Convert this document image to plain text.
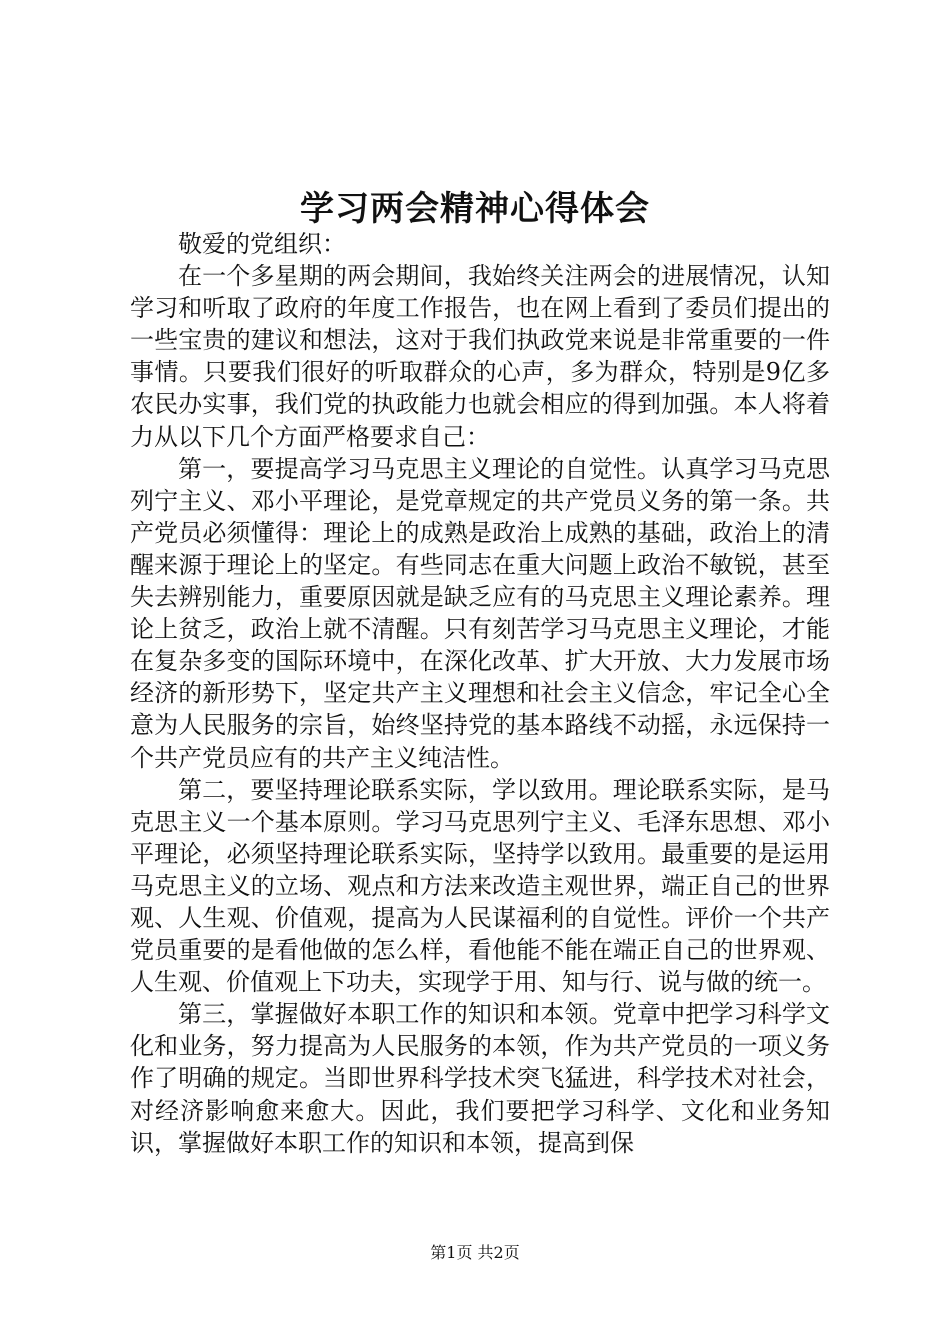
学习两会精神心得体会

敬爱的党组织：

在一个多星期的两会期间，我始终关注两会的进展情况，认知学习和听取了政府的年度工作报告，也在网上看到了委员们提出的一些宝贵的建议和想法，这对于我们执政党来说是非常重要的一件事情。只要我们很好的听取群众的心声，多为群众，特别是9亿多农民办实事，我们党的执政能力也就会相应的得到加强。本人将着力从以下几个方面严格要求自己：

第一，要提高学习马克思主义理论的自觉性。认真学习马克思列宁主义、邓小平理论，是党章规定的共产党员义务的第一条。共产党员必须懂得：理论上的成熟是政治上成熟的基础，政治上的清醒来源于理论上的坚定。有些同志在重大问题上政治不敏锐，甚至失去辨别能力，重要原因就是缺乏应有的马克思主义理论素养。理论上贫乏，政治上就不清醒。只有刻苦学习马克思主义理论，才能在复杂多变的国际环境中，在深化改革、扩大开放、大力发展市场经济的新形势下，坚定共产主义理想和社会主义信念，牢记全心全意为人民服务的宗旨，始终坚持党的基本路线不动摇，永远保持一个共产党员应有的共产主义纯洁性。

第二，要坚持理论联系实际，学以致用。理论联系实际，是马克思主义一个基本原则。学习马克思列宁主义、毛泽东思想、邓小平理论，必须坚持理论联系实际，坚持学以致用。最重要的是运用马克思主义的立场、观点和方法来改造主观世界，端正自己的世界观、人生观、价值观，提高为人民谋福利的自觉性。评价一个共产党员重要的是看他做的怎么样，看他能不能在端正自己的世界观、人生观、价值观上下功夫，实现学于用、知与行、说与做的统一。

第三，掌握做好本职工作的知识和本领。党章中把学习科学文化和业务，努力提高为人民服务的本领，作为共产党员的一项义务作了明确的规定。当即世界科学技术突飞猛进，科学技术对社会，对经济影响愈来愈大。因此，我们要把学习科学、文化和业务知识，掌握做好本职工作的知识和本领，提高到保

第1页 共2页
